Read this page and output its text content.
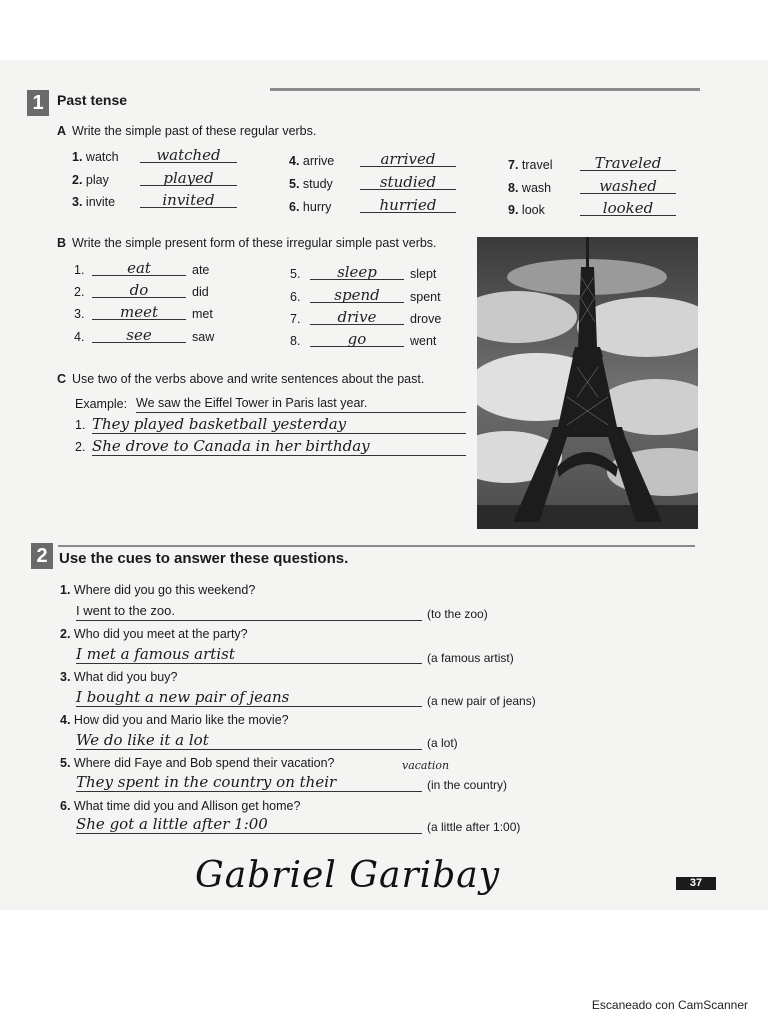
1 Past tense
A Write the simple past of these regular verbs.
1. watch	watched
2. play	played
3. invite	invited
4. arrive	arrived
5. study	studied
6. hurry	hurried
7. travel	Traveled
8. wash	washed
9. look	looked
B Write the simple present form of these irregular simple past verbs.
1.	eat	ate
2.	do	did
3.	meet	met
4.	see	saw
5.	sleep	slept
6.	spend	spent
7.	drive	drove
8.	go	went
C Use two of the verbs above and write sentences about the past.
Example: We saw the Eiffel Tower in Paris last year.
1. They played basketball yesterday
2. She drove to Canada in her birthday
2 Use the cues to answer these questions.
1. Where did you go this weekend?
I went to the zoo.	(to the zoo)
2. Who did you meet at the party?
I met a famous artist	(a famous artist)
3. What did you buy?
I bought a new pair of jeans	(a new pair of jeans)
4. How did you and Mario like the movie?
We do like it a lot	(a lot)
5. Where did Faye and Bob spend their vacation?	vacation
They spent in the country on their	(in the country)
6. What time did you and Allison get home?
She got a little after 1:00	(a little after 1:00)
Gabriel Garibay	37
Escaneado con CamScanner
